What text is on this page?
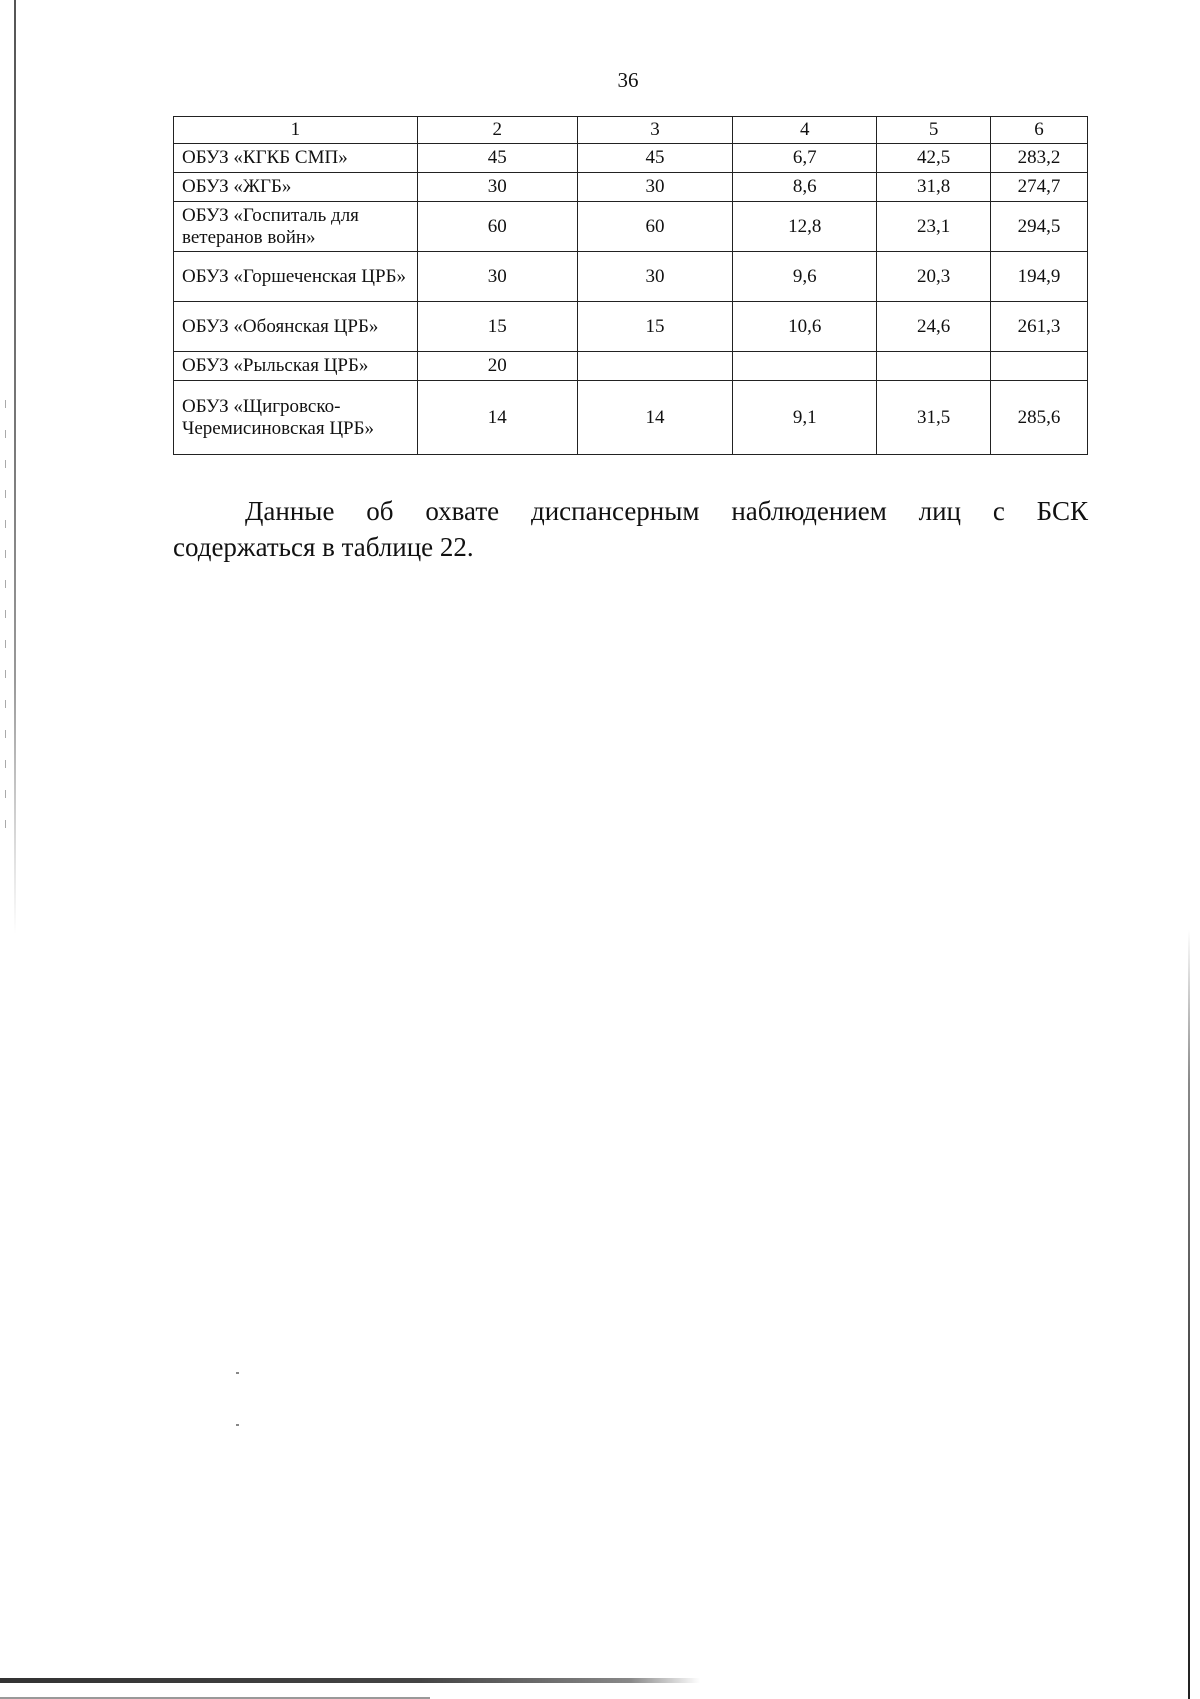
36
1	2	3	4	5	6
ОБУЗ «КГКБ СМП»	45	45	6,7	42,5	283,2
ОБУЗ «ЖГБ»	30	30	8,6	31,8	274,7
ОБУЗ «Госпиталь для ветеранов войн»	60	60	12,8	23,1	294,5
ОБУЗ «Горшеченская ЦРБ»	30	30	9,6	20,3	194,9
ОБУЗ «Обоянская ЦРБ»	15	15	10,6	24,6	261,3
ОБУЗ «Рыльская ЦРБ»	20				
ОБУЗ «Щигровско-Черемисиновская ЦРБ»	14	14	9,1	31,5	285,6
Данные об охвате диспансерным наблюдением лиц с БСК
содержаться в таблице 22.
